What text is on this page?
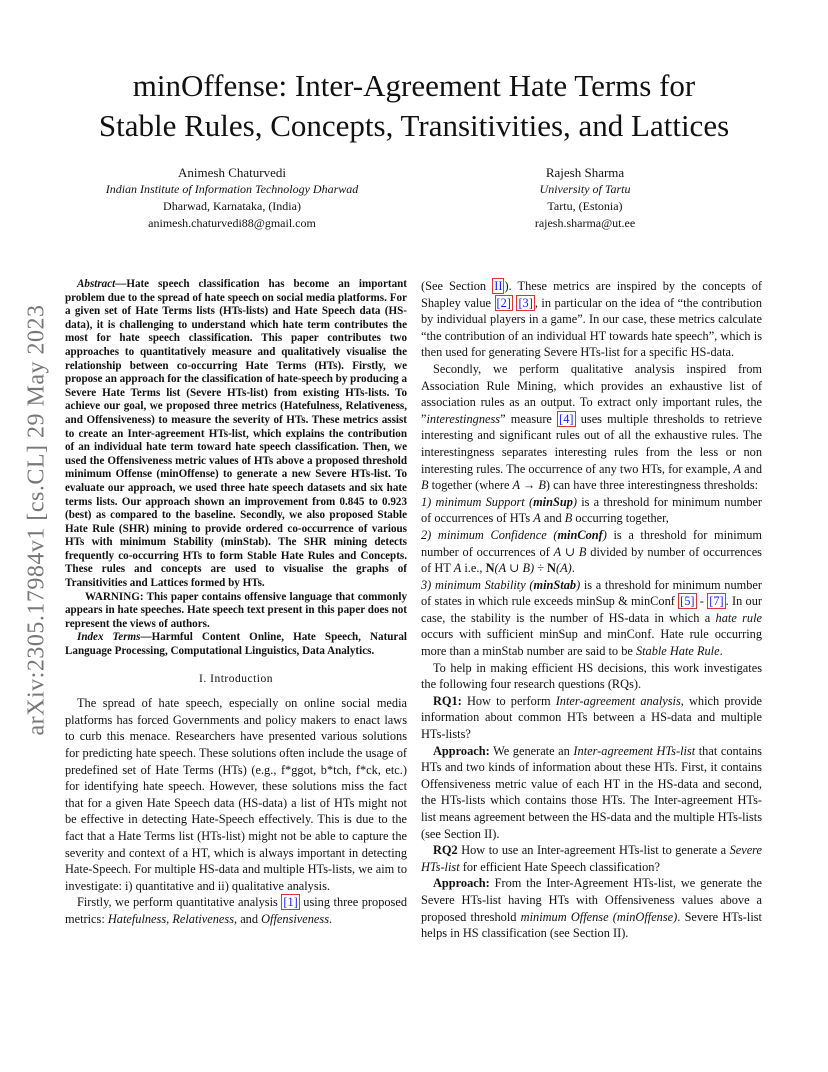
arXiv:2305.17984v1 [cs.CL] 29 May 2023
minOffense: Inter-Agreement Hate Terms for
Stable Rules, Concepts, Transitivities, and Lattices
Animesh Chaturvedi
Indian Institute of Information Technology Dharwad
Dharwad, Karnataka, (India)
animesh.chaturvedi88@gmail.com
Rajesh Sharma
University of Tartu
Tartu, (Estonia)
rajesh.sharma@ut.ee

Abstract—Hate speech classification has become an important problem due to the spread of hate speech on social media platforms. For a given set of Hate Terms lists (HTs-lists) and Hate Speech data (HS-data), it is challenging to understand which hate term contributes the most for hate speech classification. This paper contributes two approaches to quantitatively measure and qualitatively visualise the relationship between co-occurring Hate Terms (HTs). Firstly, we propose an approach for the classification of hate-speech by producing a Severe Hate Terms list (Severe HTs-list) from existing HTs-lists. To achieve our goal, we proposed three metrics (Hatefulness, Relativeness, and Offensiveness) to measure the severity of HTs. These metrics assist to create an Inter-agreement HTs-list, which explains the contribution of an individual hate term toward hate speech classification. Then, we used the Offensiveness metric values of HTs above a proposed threshold minimum Offense (minOffense) to generate a new Severe HTs-list. To evaluate our approach, we used three hate speech datasets and six hate terms lists. Our approach shown an improvement from 0.845 to 0.923 (best) as compared to the baseline. Secondly, we also proposed Stable Hate Rule (SHR) mining to provide ordered co-occurrence of various HTs with minimum Stability (minStab). The SHR mining detects frequently co-occurring HTs to form Stable Hate Rules and Concepts. These rules and concepts are used to visualise the graphs of Transitivities and Lattices formed by HTs.

WARNING: This paper contains offensive language that commonly appears in hate speeches. Hate speech text present in this paper does not represent the views of authors.

Index Terms—Harmful Content Online, Hate Speech, Natural Language Processing, Computational Linguistics, Data Analytics.

I. Introduction

The spread of hate speech, especially on online social media platforms has forced Governments and policy makers to enact laws to curb this menace. Researchers have presented various solutions for predicting hate speech. These solutions often include the usage of predefined set of Hate Terms (HTs) (e.g., f*ggot, b*tch, f*ck, etc.) for identifying hate speech. However, these solutions miss the fact that for a given Hate Speech data (HS-data) a list of HTs might not be effective in detecting Hate-Speech effectively. This is due to the fact that a Hate Terms list (HTs-list) might not be able to capture the severity and context of a HT, which is always important in detecting Hate-Speech. For multiple HS-data and multiple HTs-lists, we aim to investigate: i) quantitative and ii) qualitative analysis.

Firstly, we perform quantitative analysis [1] using three proposed metrics: Hatefulness, Relativeness, and Offensiveness.

(See Section II ). These metrics are inspired by the concepts of Shapley value [2] [3] , in particular on the idea of “the contribution by individual players in a game”. In our case, these metrics calculate “the contribution of an individual HT towards hate speech”, which is then used for generating Severe HTs-list for a specific HS-data.

Secondly, we perform qualitative analysis inspired from Association Rule Mining, which provides an exhaustive list of association rules as an output. To extract only important rules, the ”interestingness” measure [4] uses multiple thresholds to retrieve interesting and significant rules out of all the exhaustive rules. The interestingness separates interesting rules from the less or non interesting rules. The occurrence of any two HTs, for example, A and B together (where A → B) can have three interestingness thresholds:

1) minimum Support (minSup) is a threshold for minimum number of occurrences of HTs A and B occurring together,

2) minimum Confidence (minConf) is a threshold for minimum number of occurrences of A ∪ B divided by number of occurrences of HT A i.e., N(A ∪ B) ÷ N(A).

3) minimum Stability (minStab) is a threshold for minimum number of states in which rule exceeds minSup & minConf [5] - [7] . In our case, the stability is the number of HS-data in which a hate rule occurs with sufficient minSup and minConf. Hate rule occurring more than a minStab number are said to be Stable Hate Rule.

To help in making efficient HS decisions, this work investigates the following four research questions (RQs).

RQ1: How to perform Inter-agreement analysis, which provide information about common HTs between a HS-data and multiple HTs-lists?

Approach: We generate an Inter-agreement HTs-list that contains HTs and two kinds of information about these HTs. First, it contains Offensiveness metric value of each HT in the HS-data and second, the HTs-lists which contains those HTs. The Inter-agreement HTs-list means agreement between the HS-data and the multiple HTs-lists (see Section II).

RQ2 How to use an Inter-agreement HTs-list to generate a Severe HTs-list for efficient Hate Speech classification?

Approach: From the Inter-Agreement HTs-list, we generate the Severe HTs-list having HTs with Offensiveness values above a proposed threshold minimum Offense (minOffense). Severe HTs-list helps in HS classification (see Section II).
